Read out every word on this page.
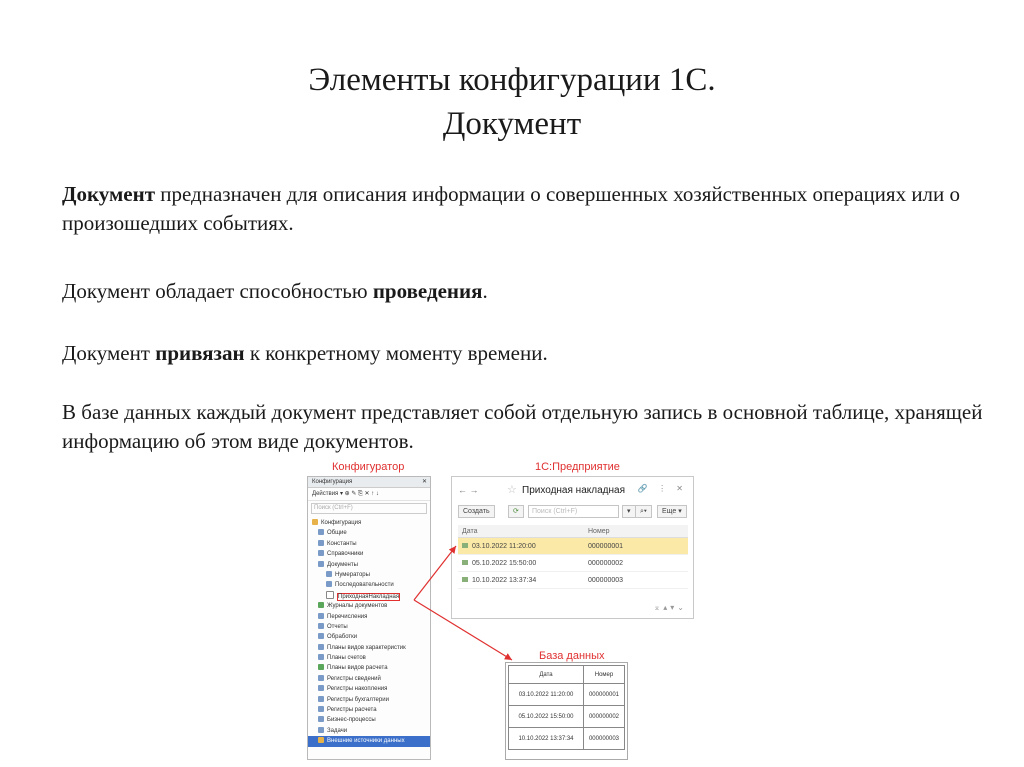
Элементы конфигурации 1С.
Документ
Документ предназначен для описания информации о совершенных хозяйственных операциях или о произошедших событиях.
Документ обладает способностью проведения.
Документ привязан к конкретному моменту времени.
В базе данных каждый документ представляет собой отдельную запись в основной таблице, хранящей информацию об этом виде документов.
Конфигуратор	1С:Предприятие
База данных
Конфигурация	✕
Действия ▾ ⊕ ✎ ⎘ ✕ ↑ ↓
Поиск (Ctrl+F)
Конфигурация
Общие
Константы
Справочники
Документы
Нумераторы
Последовательности
ПриходнаяНакладная
Журналы документов
Перечисления
Отчеты
Обработки
Планы видов характеристик
Планы счетов
Планы видов расчета
Регистры сведений
Регистры накопления
Регистры бухгалтерии
Регистры расчета
Бизнес-процессы
Задачи
Внешние источники данных
← →	☆ Приходная накладная 🔗 ⋮ ✕
Создать	⟳	Поиск (Ctrl+F)	▾	⌕▾	Еще ▾
Дата	Номер
03.10.2022 11:20:00	000000001
05.10.2022 15:50:00	000000002
10.10.2022 13:37:34	000000003
⌅▴▾⌄
Дата	Номер
03.10.2022 11:20:00	000000001
05.10.2022 15:50:00	000000002
10.10.2022 13:37:34	000000003
